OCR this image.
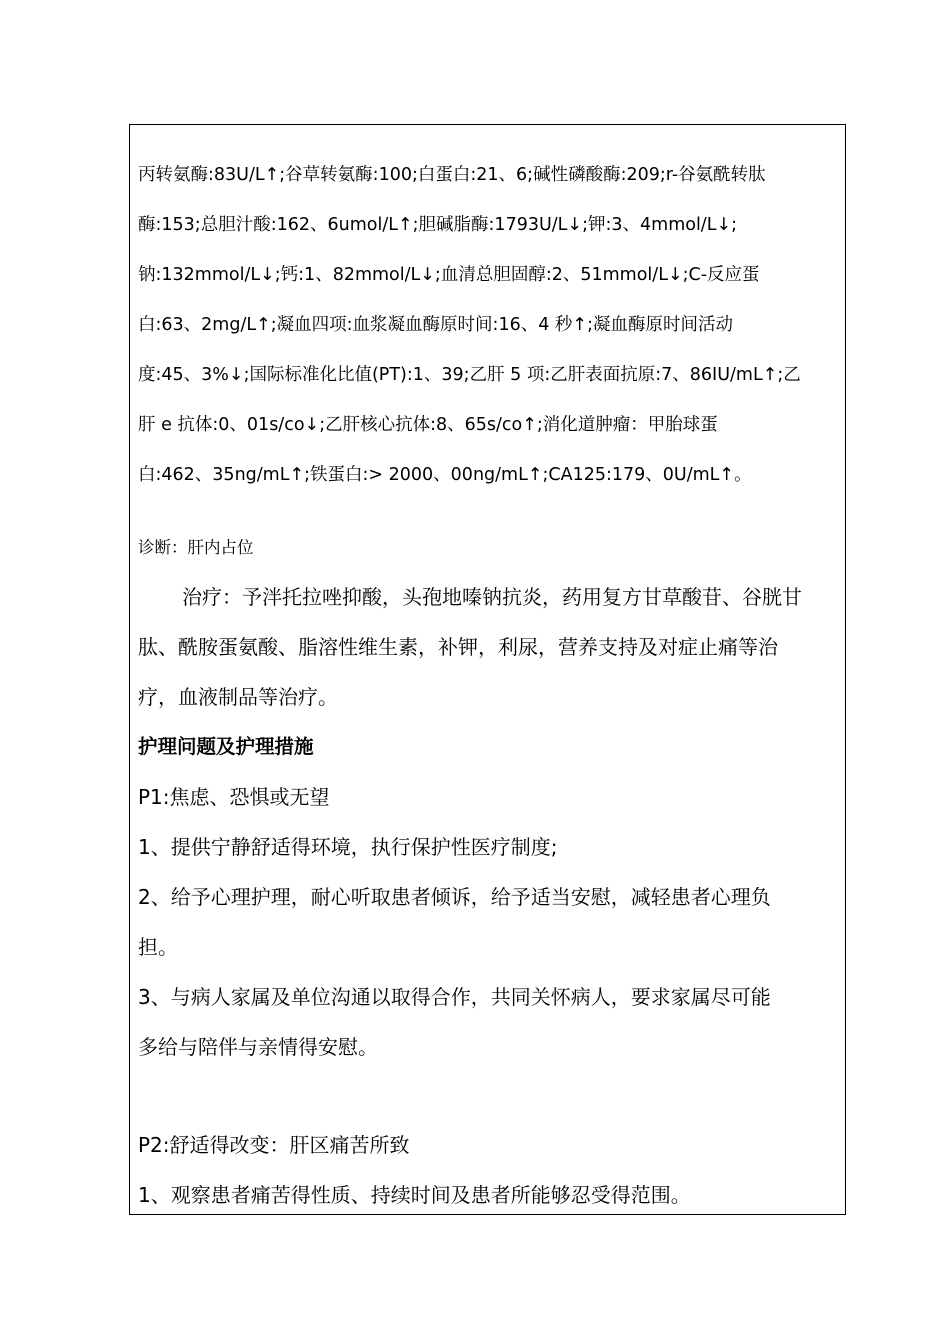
丙转氨酶:83U/L↑;谷草转氨酶:100;白蛋白:21、6;碱性磷酸酶:209;r-谷氨酰转肽
酶:153;总胆汁酸:162、6umol/L↑;胆碱脂酶:1793U/L↓;钾:3、4mmol/L↓;
钠:132mmol/L↓;钙:1、82mmol/L↓;血清总胆固醇:2、51mmol/L↓;C-反应蛋
白:63、2mg/L↑;凝血四项:血浆凝血酶原时间:16、4 秒↑;凝血酶原时间活动
度:45、3%↓;国际标准化比值(PT):1、39;乙肝 5 项:乙肝表面抗原:7、86IU/mL↑;乙
肝 e 抗体:0、01s/co↓;乙肝核心抗体:8、65s/co↑;消化道肿瘤：甲胎球蛋
白:462、35ng/mL↑;铁蛋白:> 2000、00ng/mL↑;CA125:179、0U/mL↑。
诊断：肝内占位
治疗：予泮托拉唑抑酸，头孢地嗪钠抗炎，药用复方甘草酸苷、谷胱甘
肽、酰胺蛋氨酸、脂溶性维生素，补钾，利尿，营养支持及对症止痛等治
疗，血液制品等治疗。
护理问题及护理措施
P1:焦虑、恐惧或无望
1、提供宁静舒适得环境，执行保护性医疗制度;
2、给予心理护理，耐心听取患者倾诉，给予适当安慰，减轻患者心理负
担。
3、与病人家属及单位沟通以取得合作，共同关怀病人，要求家属尽可能
多给与陪伴与亲情得安慰。
P2:舒适得改变：肝区痛苦所致
1、观察患者痛苦得性质、持续时间及患者所能够忍受得范围。
